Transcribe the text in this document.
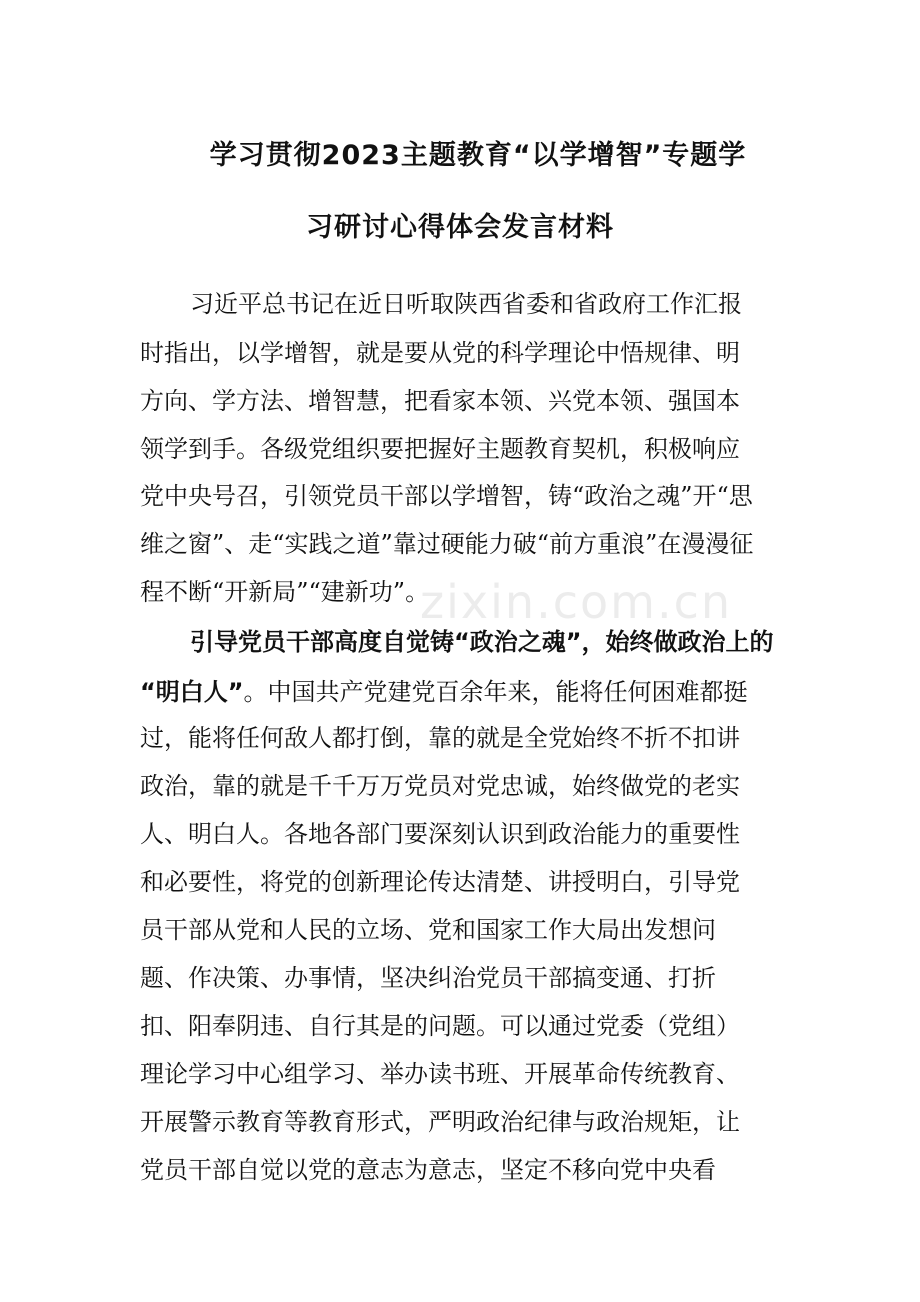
学习贯彻2023主题教育“以学增智”专题学
习研讨心得体会发言材料
习近平总书记在近日听取陕西省委和省政府工作汇报
时指出，以学增智，就是要从党的科学理论中悟规律、明
方向、学方法、增智慧，把看家本领、兴党本领、强国本
领学到手。各级党组织要把握好主题教育契机，积极响应
党中央号召，引领党员干部以学增智，铸“政治之魂”开“思
维之窗”、走“实践之道”靠过硬能力破“前方重浪”在漫漫征
程不断“开新局”“建新功”。
引导党员干部高度自觉铸“政治之魂”，始终做政治上的
“明白人”。中国共产党建党百余年来，能将任何困难都挺
过，能将任何敌人都打倒，靠的就是全党始终不折不扣讲
政治，靠的就是千千万万党员对党忠诚，始终做党的老实
人、明白人。各地各部门要深刻认识到政治能力的重要性
和必要性，将党的创新理论传达清楚、讲授明白，引导党
员干部从党和人民的立场、党和国家工作大局出发想问
题、作决策、办事情，坚决纠治党员干部搞变通、打折
扣、阳奉阴违、自行其是的问题。可以通过党委（党组）
理论学习中心组学习、举办读书班、开展革命传统教育、
开展警示教育等教育形式，严明政治纪律与政治规矩，让
党员干部自觉以党的意志为意志，坚定不移向党中央看
zixin.com.cn
